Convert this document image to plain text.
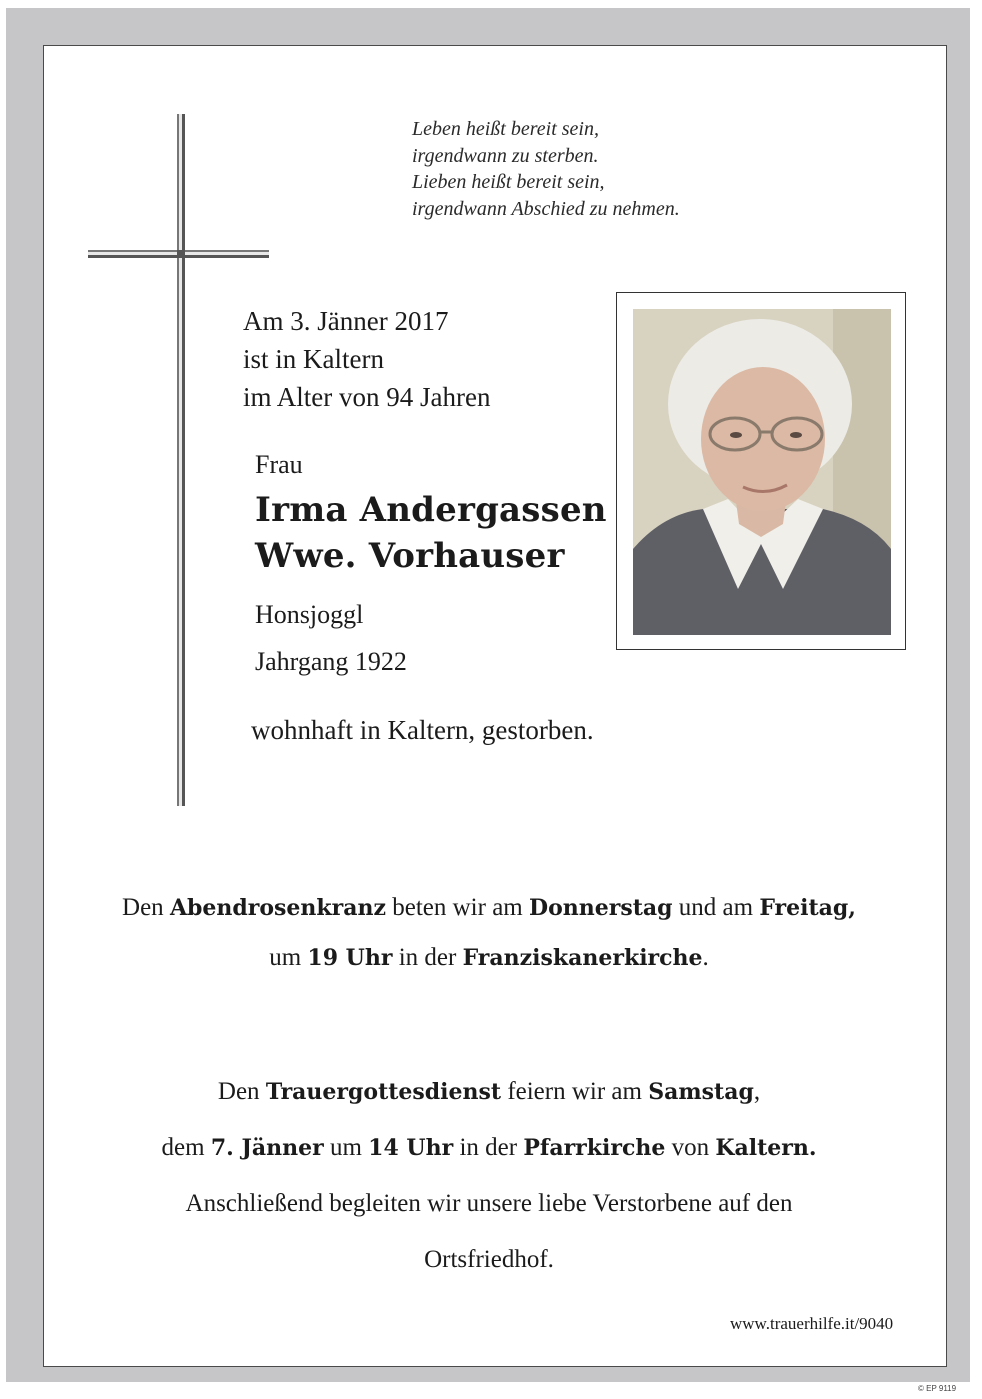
Leben heißt bereit sein,
irgendwann zu sterben.
Lieben heißt bereit sein,
irgendwann Abschied zu nehmen.
Am 3. Jänner 2017
ist in Kaltern
im Alter von 94 Jahren
Frau
Irma Andergassen
Wwe. Vorhauser
Honsjoggl
Jahrgang 1922
wohnhaft in Kaltern, gestorben.
Den Abendrosenkranz beten wir am Donnerstag und am Freitag,
um 19 Uhr in der Franziskanerkirche.
Den Trauergottesdienst feiern wir am Samstag,
dem 7. Jänner um 14 Uhr in der Pfarrkirche von Kaltern.
Anschließend begleiten wir unsere liebe Verstorbene auf den
Ortsfriedhof.
www.trauerhilfe.it/9040
© EP 9119
